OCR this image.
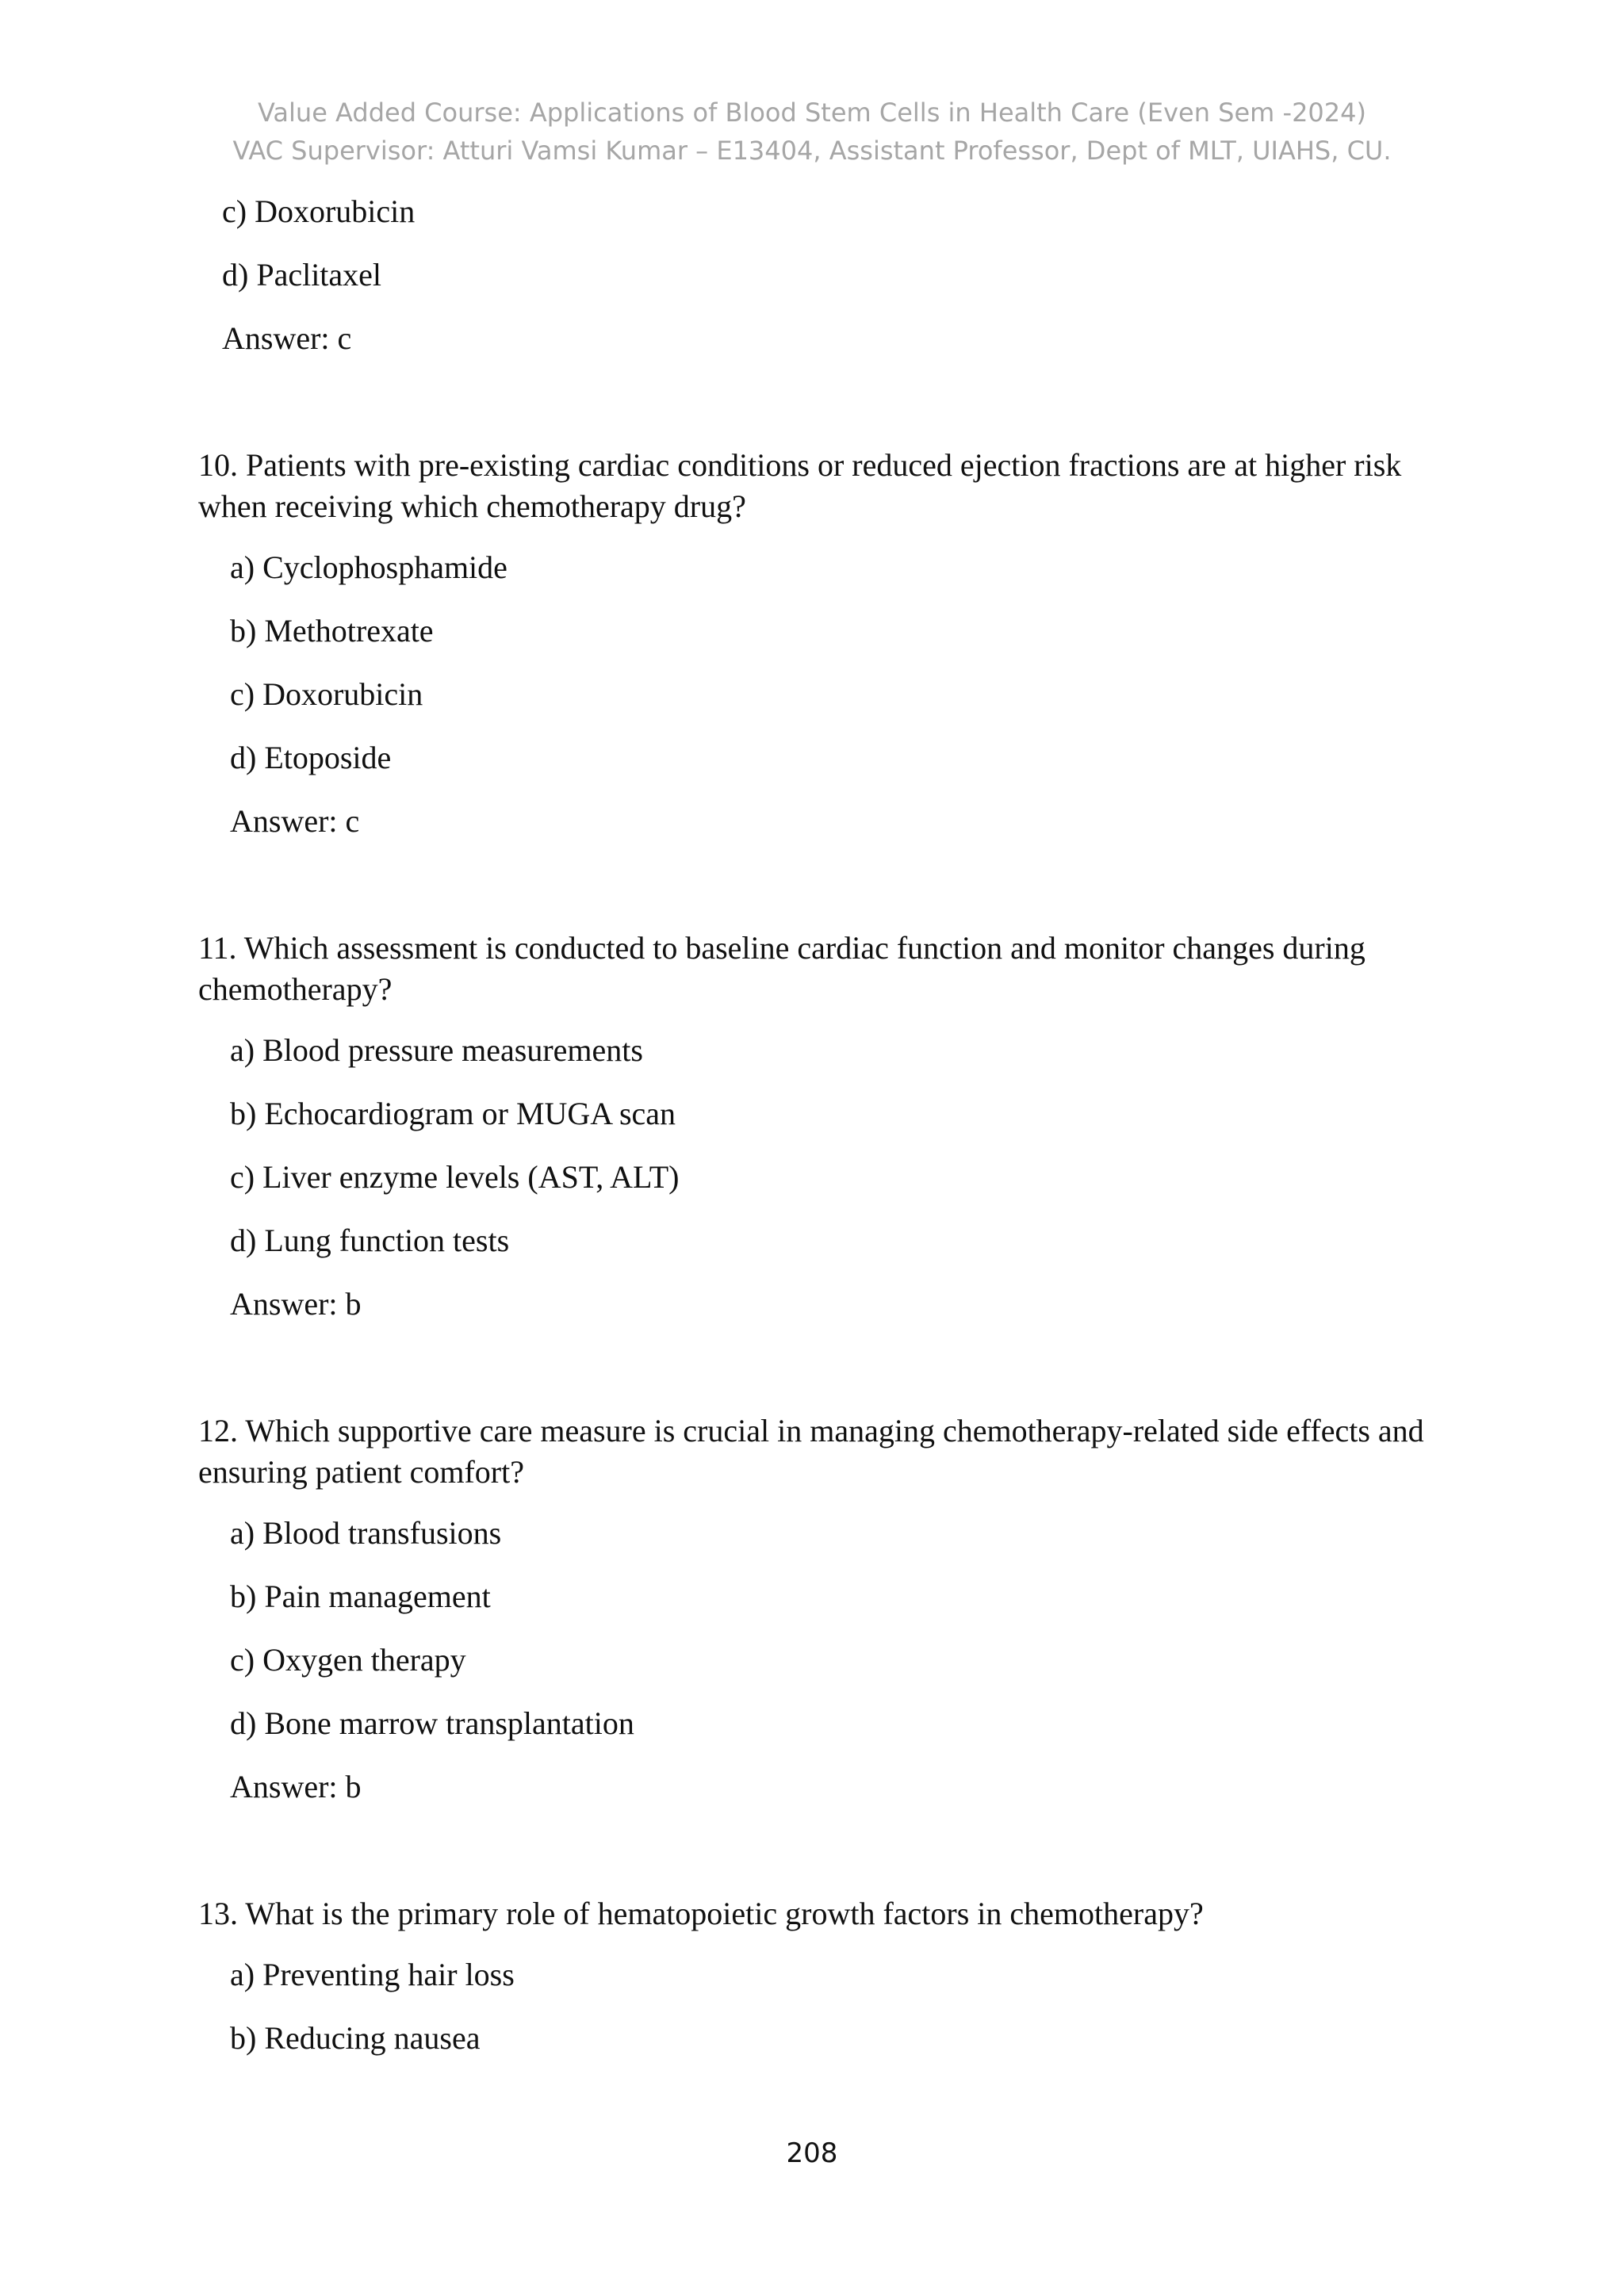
Value Added Course: Applications of Blood Stem Cells in Health Care (Even Sem -2024)
VAC Supervisor: Atturi Vamsi Kumar – E13404, Assistant Professor, Dept of MLT, UIAHS, CU.
c) Doxorubicin
d) Paclitaxel
Answer: c
10. Patients with pre-existing cardiac conditions or reduced ejection fractions are at higher risk when receiving which chemotherapy drug?
a) Cyclophosphamide
b) Methotrexate
c) Doxorubicin
d) Etoposide
Answer: c
11. Which assessment is conducted to baseline cardiac function and monitor changes during chemotherapy?
a) Blood pressure measurements
b) Echocardiogram or MUGA scan
c) Liver enzyme levels (AST, ALT)
d) Lung function tests
Answer: b
12. Which supportive care measure is crucial in managing chemotherapy-related side effects and ensuring patient comfort?
a) Blood transfusions
b) Pain management
c) Oxygen therapy
d) Bone marrow transplantation
Answer: b
13. What is the primary role of hematopoietic growth factors in chemotherapy?
a) Preventing hair loss
b) Reducing nausea
208
